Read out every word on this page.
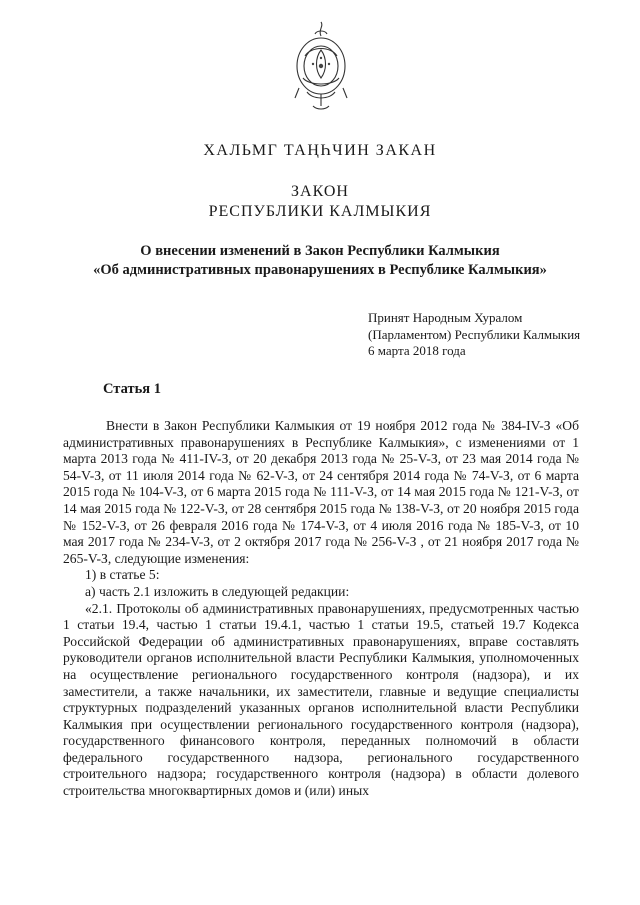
ХАЛЬМГ ТАҢҺЧИН ЗАКАН
ЗАКОН
РЕСПУБЛИКИ КАЛМЫКИЯ
О внесении изменений в Закон Республики Калмыкия
«Об административных правонарушениях в Республике Калмыкия»
Принят Народным Хуралом
(Парламентом) Республики Калмыкия
6 марта 2018 года
Статья 1

Внести в Закон Республики Калмыкия от 19 ноября 2012 года № 384-IV-З «Об административных правонарушениях в Республике Калмыкия», с изменениями от 1 марта 2013 года № 411-IV-З, от 20 декабря 2013 года № 25-V-З, от 23 мая 2014 года № 54-V-З, от 11 июля 2014 года № 62-V-З, от 24 сентября 2014 года № 74-V-З, от 6 марта 2015 года № 104-V-З, от 6 марта 2015 года № 111-V-З, от 14 мая 2015 года № 121-V-З, от 14 мая 2015 года № 122-V-З, от 28 сентября 2015 года № 138-V-З, от 20 ноября 2015 года № 152-V-З, от 26 февраля 2016 года № 174-V-З, от 4 июля 2016 года № 185-V-З, от 10 мая 2017 года № 234-V-З, от 2 октября 2017 года № 256-V-З , от 21 ноября 2017 года № 265-V-З, следующие изменения:

1) в статье 5:

а) часть 2.1 изложить в следующей редакции:

«2.1. Протоколы об административных правонарушениях, предусмотренных частью 1 статьи 19.4, частью 1 статьи 19.4.1, частью 1 статьи 19.5, статьей 19.7 Кодекса Российской Федерации об административных правонарушениях, вправе составлять руководители органов исполнительной власти Республики Калмыкия, уполномоченных на осуществление регионального государственного контроля (надзора), и их заместители, а также начальники, их заместители, главные и ведущие специалисты структурных подразделений указанных органов исполнительной власти Республики Калмыкия при осуществлении регионального государственного контроля (надзора), государственного финансового контроля, переданных полномочий в области федерального государственного надзора, регионального государственного строительного надзора; государственного контроля (надзора) в области долевого строительства многоквартирных домов и (или) иных
